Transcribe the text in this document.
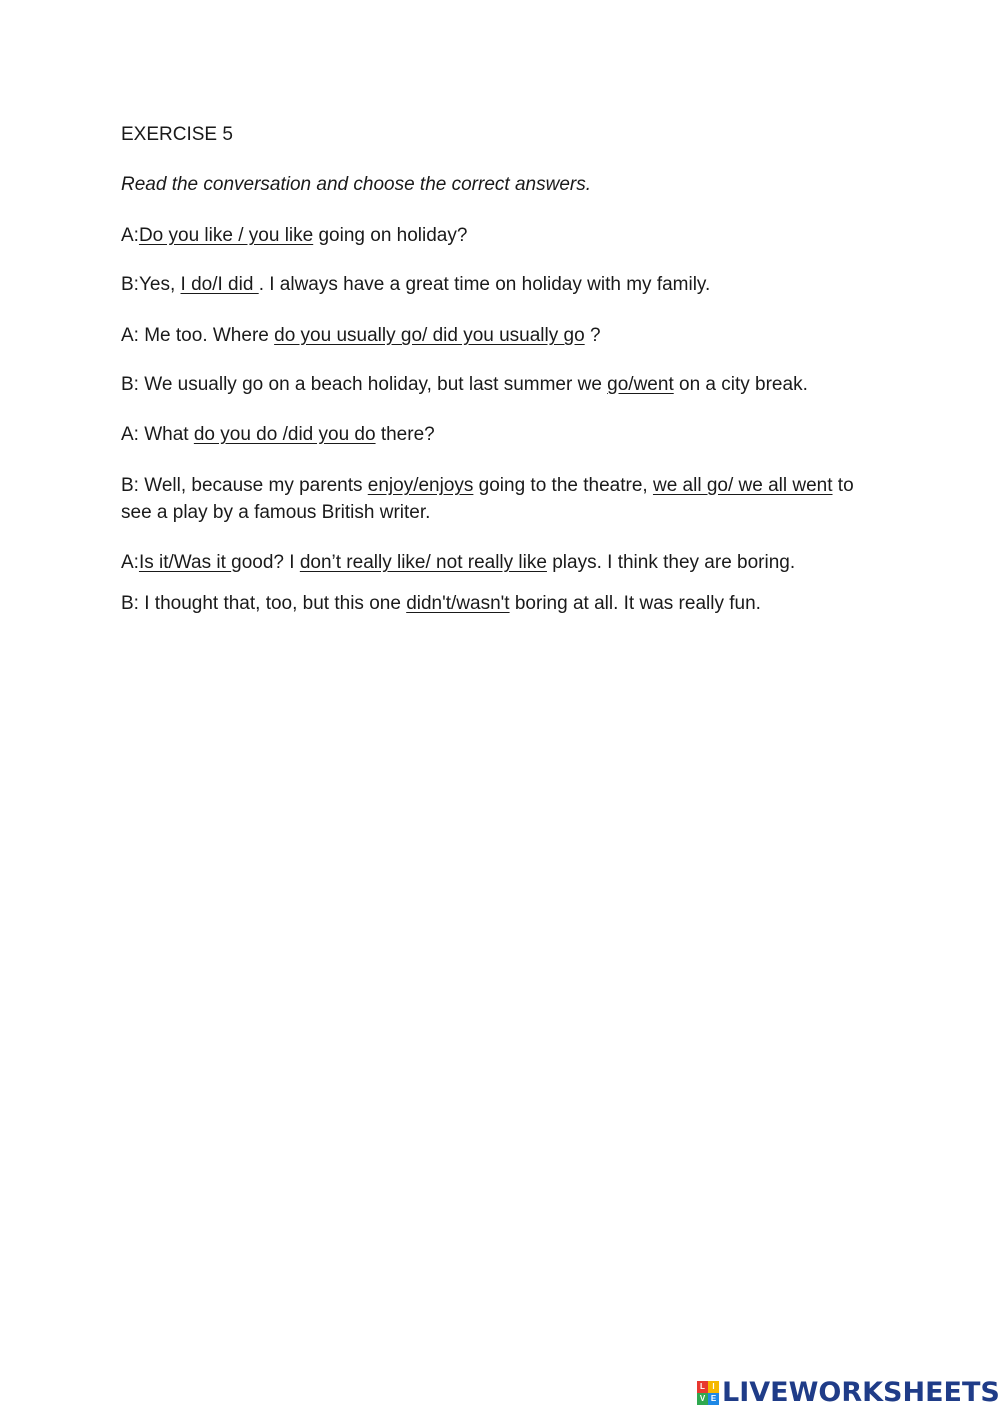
EXERCISE 5
Read the conversation and choose the correct answers.
A:Do you like / you like going on holiday?
B:Yes, I do/I did . I always have a great time on holiday with my family.
A: Me too. Where do you usually go/ did you usually go ?
B: We usually go on a beach holiday, but last summer we go/went on a city break.
A: What do you do /did you do there?
B: Well, because my parents enjoy/enjoys going to the theatre, we all go/ we all went to see a play by a famous British writer.
A:Is it/Was it good? I don’t really like/ not really like plays. I think they are boring.
B: I thought that, too, but this one didn't/wasn't boring at all. It was really fun.
L I
V E LIVEWORKSHEETS
